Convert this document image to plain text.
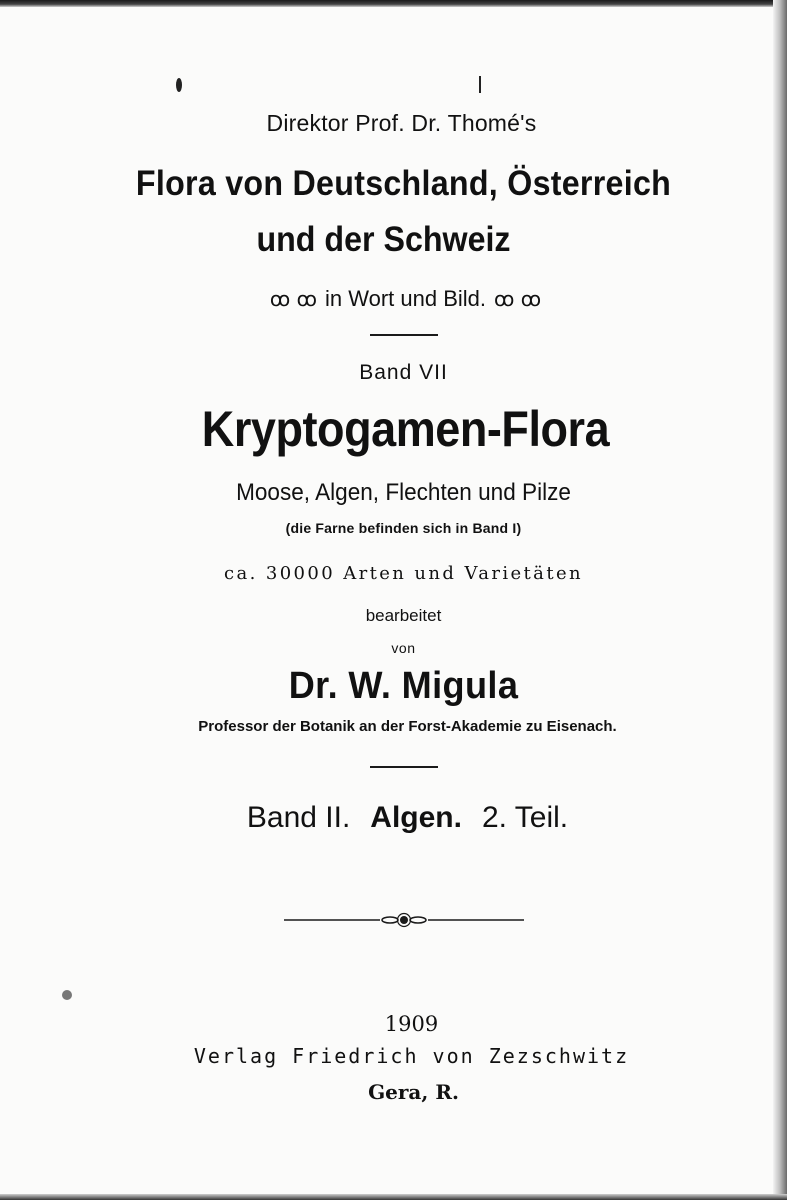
Direktor Prof. Dr. Thomé's
Flora von Deutschland, Österreich
und der Schweiz
ꝏ ꝏ in Wort und Bild. ꝏ ꝏ
Band VII
Kryptogamen-Flora
Moose, Algen, Flechten und Pilze
(die Farne befinden sich in Band I)
ca. 30000 Arten und Varietäten
bearbeitet
von
Dr. W. Migula
Professor der Botanik an der Forst-Akademie zu Eisenach.
Band II. Algen. 2. Teil.
1909
Verlag Friedrich von Zezschwitz
Gera, R.
